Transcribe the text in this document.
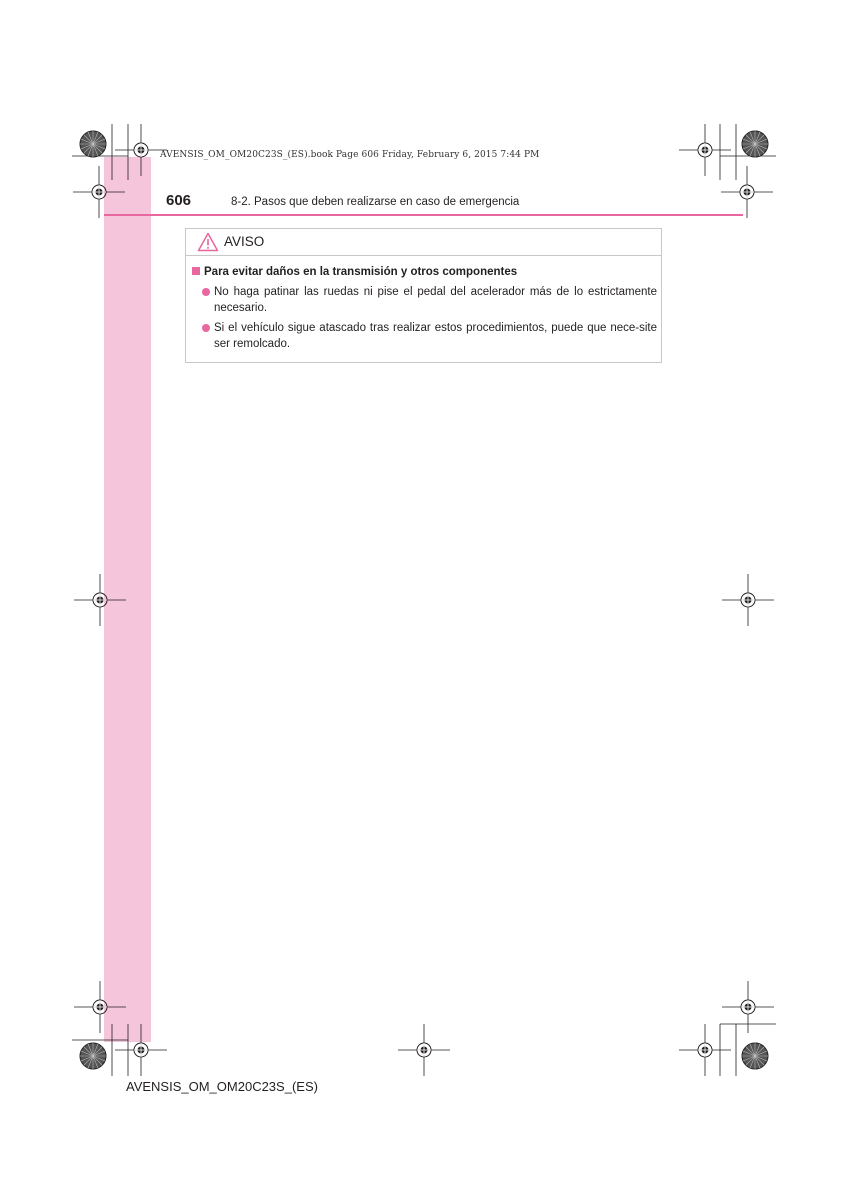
AVENSIS_OM_OM20C23S_(ES).book Page 606 Friday, February 6, 2015 7:44 PM
606	8-2. Pasos que deben realizarse en caso de emergencia
AVISO
Para evitar daños en la transmisión y otros componentes
No haga patinar las ruedas ni pise el pedal del acelerador más de lo estrictamente necesario.
Si el vehículo sigue atascado tras realizar estos procedimientos, puede que nece-site ser remolcado.
AVENSIS_OM_OM20C23S_(ES)
